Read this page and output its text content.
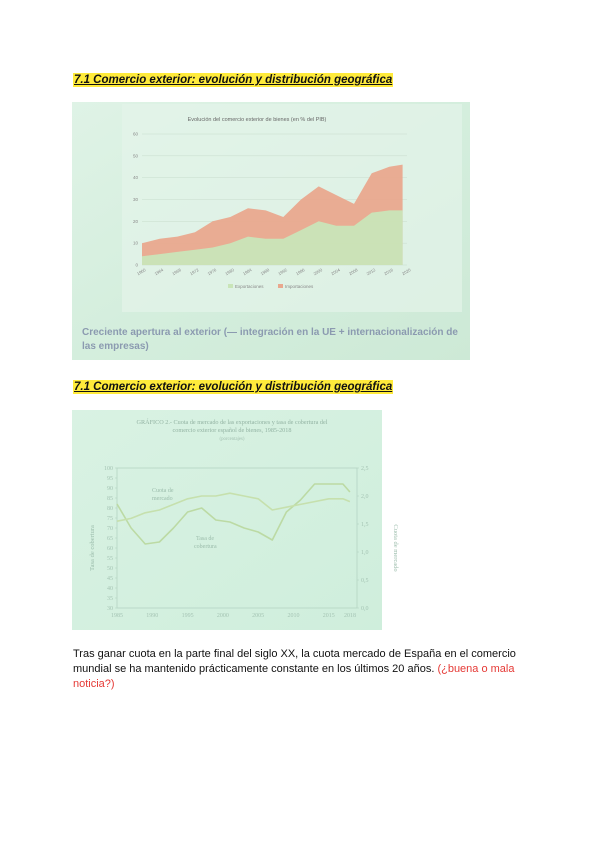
7.1 Comercio exterior: evolución y distribución geográfica
Evolución del comercio exterior de bienes (en % del PIB)
0
10
20
30
40
50
60
1960 1964 1968 1972 1976 1980 1984 1988 1992 1996 2000 2004 2008 2012 2016 2020
Exportaciones	Importaciones
Creciente apertura al exterior (— integración en la UE + internacionalización de
las empresas)
7.1 Comercio exterior: evolución y distribución geográfica
GRÁFICO 2.- Cuota de mercado de las exportaciones y tasa de cobertura del
comercio exterior español de bienes, 1985-2018
(porcentajes)
100
95
90
85
80
75
70
65
60
55
50
45
40
35
30
2,5
2,0
1,5
1,0
0,5
0,0
1985	1990	1995	2000	2005	2010	2015 2018
Tasa de cobertura	Cuota de mercado
Cuota de
mercado
Tasa de
cobertura
Tras ganar cuota en la parte final del siglo XX, la cuota mercado de España en el comercio mundial se ha mantenido prácticamente constante en los últimos 20 años. (¿buena o mala noticia?)
